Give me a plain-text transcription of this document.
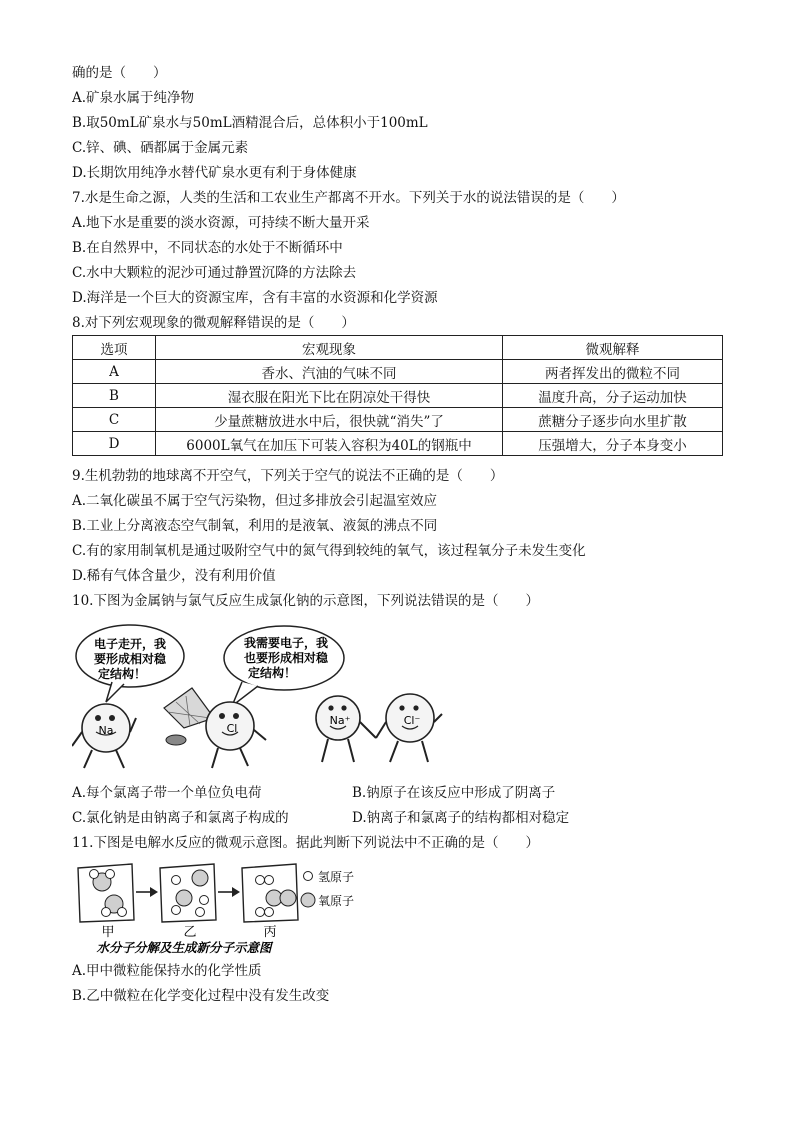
确的是（　　）
A.矿泉水属于纯净物
B.取50mL矿泉水与50mL酒精混合后，总体积小于100mL
C.锌、碘、硒都属于金属元素
D.长期饮用纯净水替代矿泉水更有利于身体健康
7.水是生命之源，人类的生活和工农业生产都离不开水。下列关于水的说法错误的是（　　）
A.地下水是重要的淡水资源，可持续不断大量开采
B.在自然界中，不同状态的水处于不断循环中
C.水中大颗粒的泥沙可通过静置沉降的方法除去
D.海洋是一个巨大的资源宝库，含有丰富的水资源和化学资源
8.对下列宏观现象的微观解释错误的是（　　）
选项	宏观现象	微观解释
A	香水、汽油的气味不同	两者挥发出的微粒不同
B	湿衣服在阳光下比在阴凉处干得快	温度升高，分子运动加快
C	少量蔗糖放进水中后，很快就“消失”了	蔗糖分子逐步向水里扩散
D	6000L氧气在加压下可装入容积为40L的钢瓶中	压强增大，分子本身变小
9.生机勃勃的地球离不开空气，下列关于空气的说法不正确的是（　　）
A.二氧化碳虽不属于空气污染物，但过多排放会引起温室效应
B.工业上分离液态空气制氧，利用的是液氧、液氮的沸点不同
C.有的家用制氧机是通过吸附空气中的氮气得到较纯的氧气，该过程氧分子未发生变化
D.稀有气体含量少，没有利用价值
10.下图为金属钠与氯气反应生成氯化钠的示意图，下列说法错误的是（　　）
电子走开，我
要形成相对稳
定结构！
我需要电子，我
也要形成相对稳
定结构！
Na	Cl
Na⁺	Cl⁻
A.每个氯离子带一个单位负电荷	B.钠原子在该反应中形成了阴离子
C.氯化钠是由钠离子和氯离子构成的	D.钠离子和氯离子的结构都相对稳定
11.下图是电解水反应的微观示意图。据此判断下列说法中不正确的是（　　）
氢原子
氧原子
甲	乙	丙
水分子分解及生成新分子示意图
A.甲中微粒能保持水的化学性质
B.乙中微粒在化学变化过程中没有发生改变
